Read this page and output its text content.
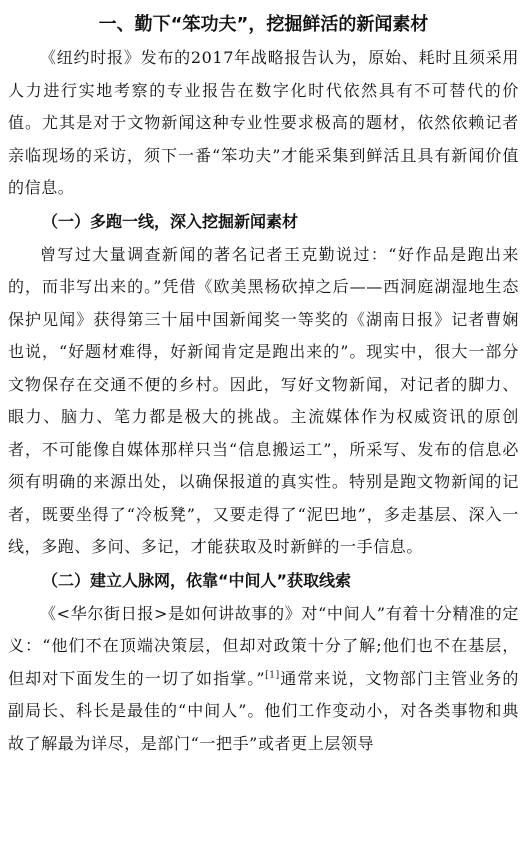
一、勤下“笨功夫”，挖掘鲜活的新闻素材

《纽约时报》发布的2017年战略报告认为，原始、耗时且须采用人力进行实地考察的专业报告在数字化时代依然具有不可替代的价值。尤其是对于文物新闻这种专业性要求极高的题材，依然依赖记者亲临现场的采访，须下一番“笨功夫”才能采集到鲜活且具有新闻价值的信息。

（一）多跑一线，深入挖掘新闻素材

曾写过大量调查新闻的著名记者王克勤说过：“好作品是跑出来的，而非写出来的。”凭借《欧美黑杨砍掉之后——西洞庭湖湿地生态保护见闻》获得第三十届中国新闻奖一等奖的《湖南日报》记者曹娴也说，“好题材难得，好新闻肯定是跑出来的”。现实中，很大一部分文物保存在交通不便的乡村。因此，写好文物新闻，对记者的脚力、眼力、脑力、笔力都是极大的挑战。主流媒体作为权威资讯的原创者，不可能像自媒体那样只当“信息搬运工”，所采写、发布的信息必须有明确的来源出处，以确保报道的真实性。特别是跑文物新闻的记者，既要坐得了“冷板凳”，又要走得了“泥巴地”，多走基层、深入一线，多跑、多问、多记，才能获取及时新鲜的一手信息。

（二）建立人脉网，依靠“中间人”获取线索

《<华尔街日报>是如何讲故事的》对“中间人”有着十分精准的定义：“他们不在顶端决策层，但却对政策十分了解;他们也不在基层，但却对下面发生的一切了如指掌。”[1]通常来说，文物部门主管业务的副局长、科长是最佳的“中间人”。他们工作变动小，对各类事物和典故了解最为详尽，是部门“一把手”或者更上层领导
